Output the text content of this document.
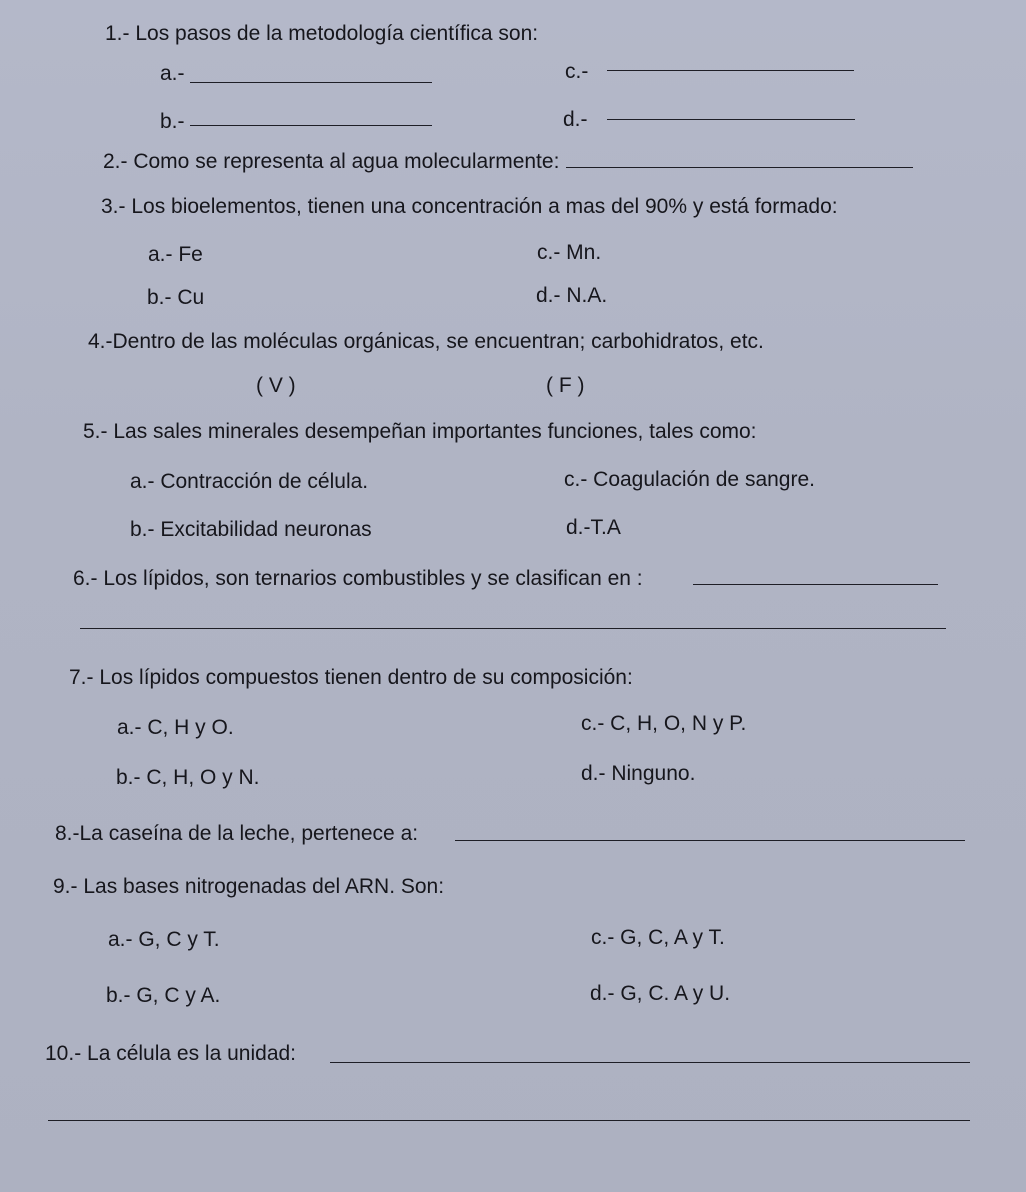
1.- Los pasos de la metodología científica son:
a.-	c.-
b.-	d.-
2.- Como se representa al agua molecularmente:
3.- Los bioelementos, tienen una concentración a mas del 90% y está formado:
a.- Fe	c.- Mn.
b.- Cu	d.- N.A.
4.-Dentro de las moléculas orgánicas, se encuentran; carbohidratos, etc.
( V )	( F )
5.- Las sales minerales desempeñan importantes funciones, tales como:
a.- Contracción de célula.	c.- Coagulación de sangre.
b.- Excitabilidad neuronas	d.-T.A
6.- Los lípidos, son ternarios combustibles y se clasifican en :
7.- Los lípidos compuestos tienen dentro de su composición:
a.- C, H y O.	c.- C, H, O, N y P.
b.- C, H, O y N.	d.- Ninguno.
8.-La caseína de la leche, pertenece a:
9.- Las bases nitrogenadas del ARN. Son:
a.- G, C y T.	c.- G, C, A y T.
b.- G, C y A.	d.- G, C. A y U.
10.- La célula es la unidad:
